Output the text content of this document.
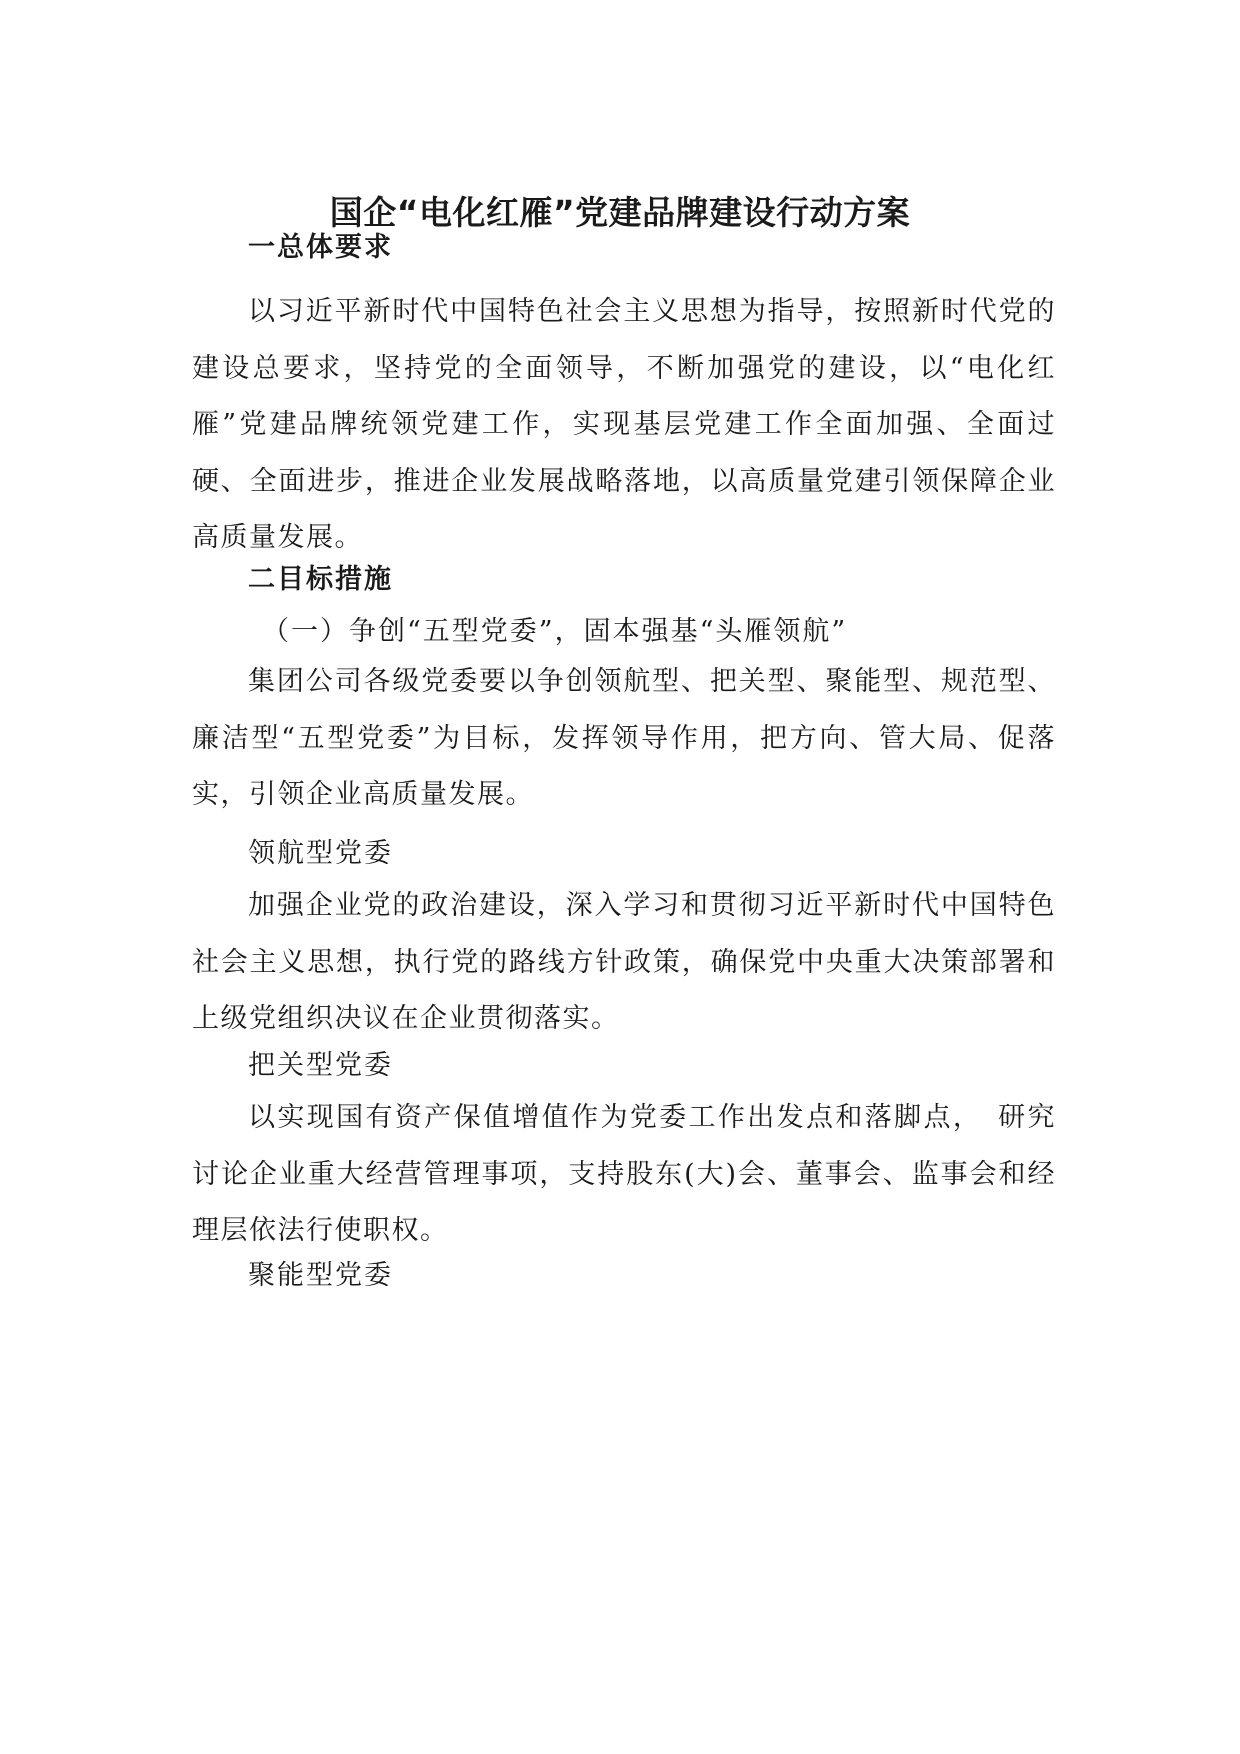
国企“电化红雁”党建品牌建设行动方案
一总体要求

以习近平新时代中国特色社会主义思想为指导，按照新时代党的建设总要求，坚持党的全面领导，不断加强党的建设，以“电化红雁”党建品牌统领党建工作，实现基层党建工作全面加强、全面过硬、全面进步，推进企业发展战略落地，以高质量党建引领保障企业高质量发展。

二目标措施
（一）争创“五型党委”，固本强基“头雁领航”

集团公司各级党委要以争创领航型、把关型、聚能型、规范型、廉洁型“五型党委”为目标，发挥领导作用，把方向、管大局、促落实，引领企业高质量发展。

领航型党委

加强企业党的政治建设，深入学习和贯彻习近平新时代中国特色社会主义思想，执行党的路线方针政策，确保党中央重大决策部署和上级党组织决议在企业贯彻落实。

把关型党委

以实现国有资产保值增值作为党委工作出发点和落脚点，　研究讨论企业重大经营管理事项，支持股东(大)会、董事会、监事会和经理层依法行使职权。

聚能型党委
